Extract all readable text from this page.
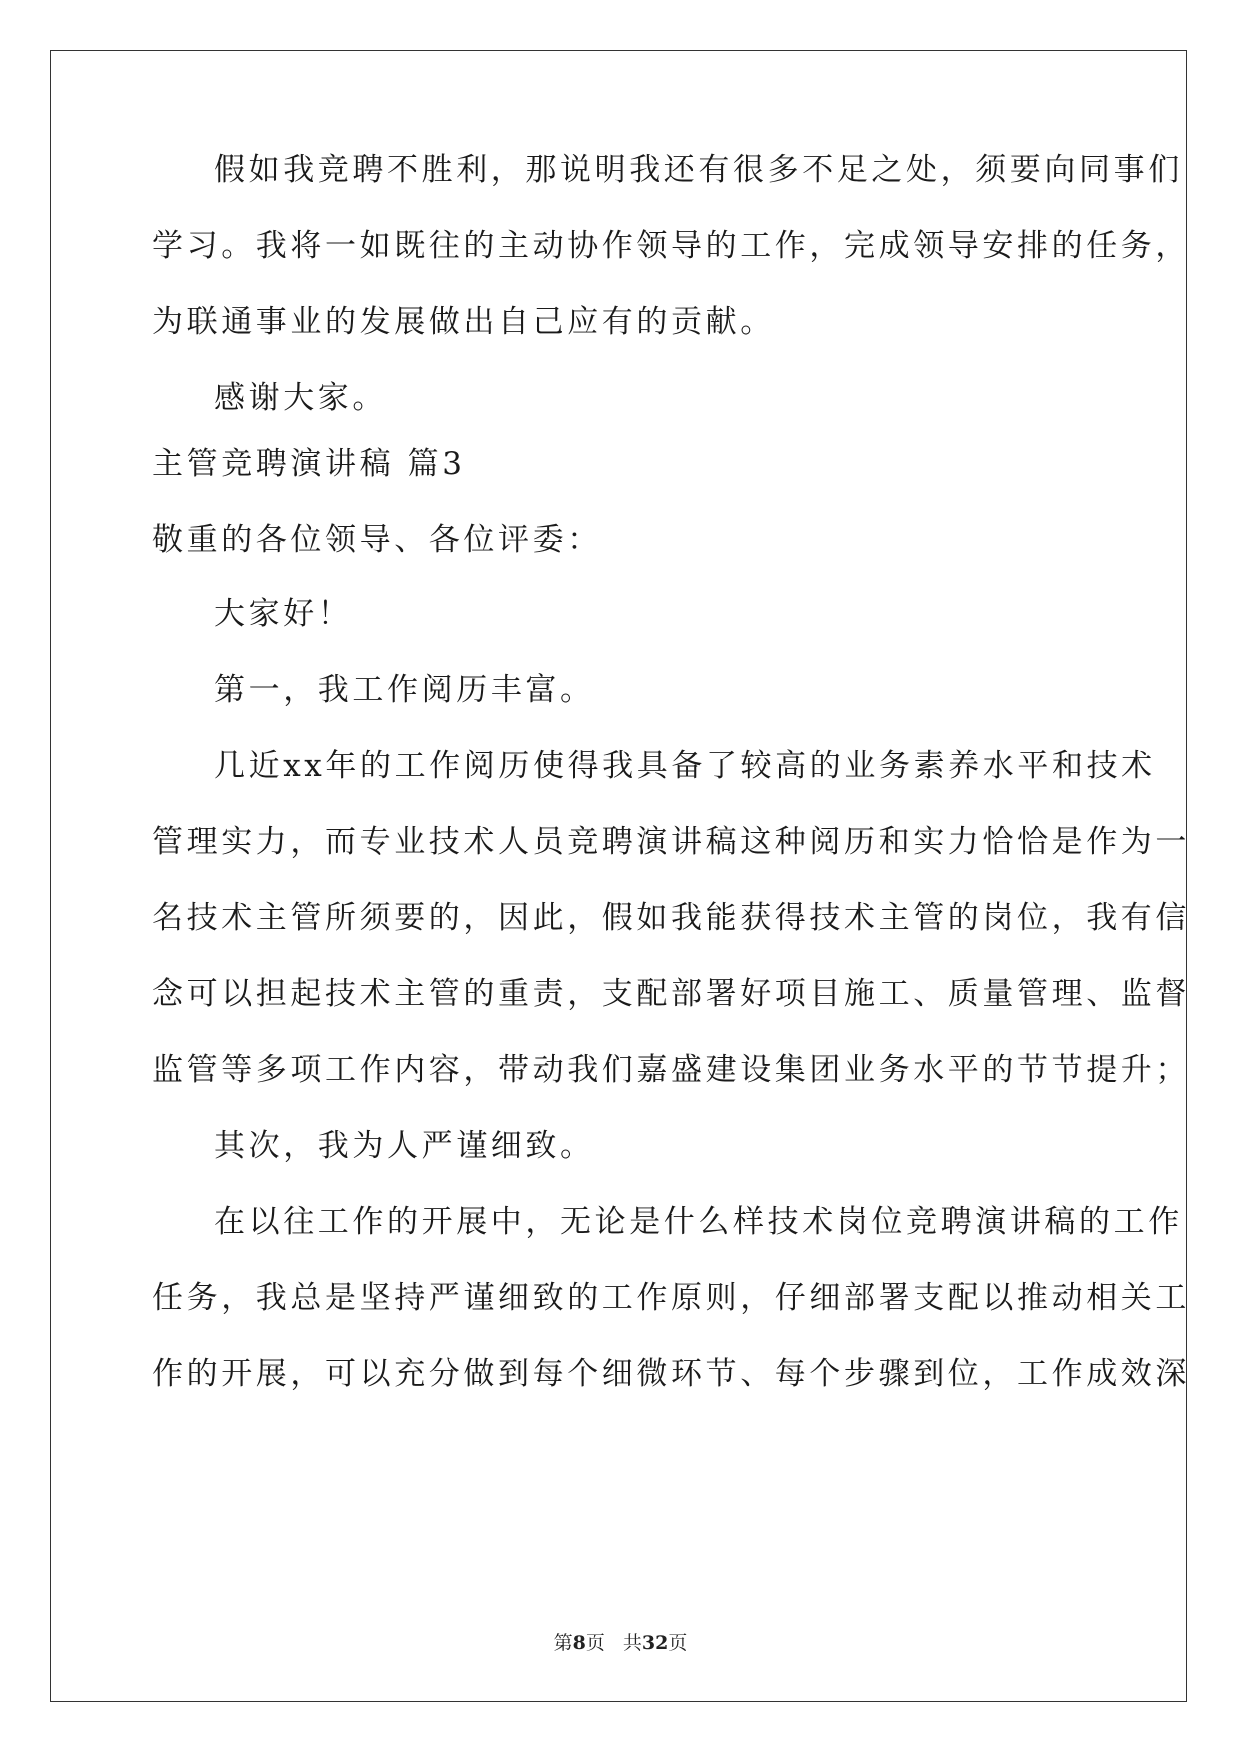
假如我竞聘不胜利，那说明我还有很多不足之处，须要向同事们
学习。我将一如既往的主动协作领导的工作，完成领导安排的任务，
为联通事业的发展做出自己应有的贡献。
感谢大家。
主管竞聘演讲稿 篇3
敬重的各位领导、各位评委：
大家好！
第一，我工作阅历丰富。
几近xx年的工作阅历使得我具备了较高的业务素养水平和技术
管理实力，而专业技术人员竞聘演讲稿这种阅历和实力恰恰是作为一
名技术主管所须要的，因此，假如我能获得技术主管的岗位，我有信
念可以担起技术主管的重责，支配部署好项目施工、质量管理、监督
监管等多项工作内容，带动我们嘉盛建设集团业务水平的节节提升；
其次，我为人严谨细致。
在以往工作的开展中，无论是什么样技术岗位竞聘演讲稿的工作
任务，我总是坚持严谨细致的工作原则，仔细部署支配以推动相关工
作的开展，可以充分做到每个细微环节、每个步骤到位，工作成效深
第8页 共32页
